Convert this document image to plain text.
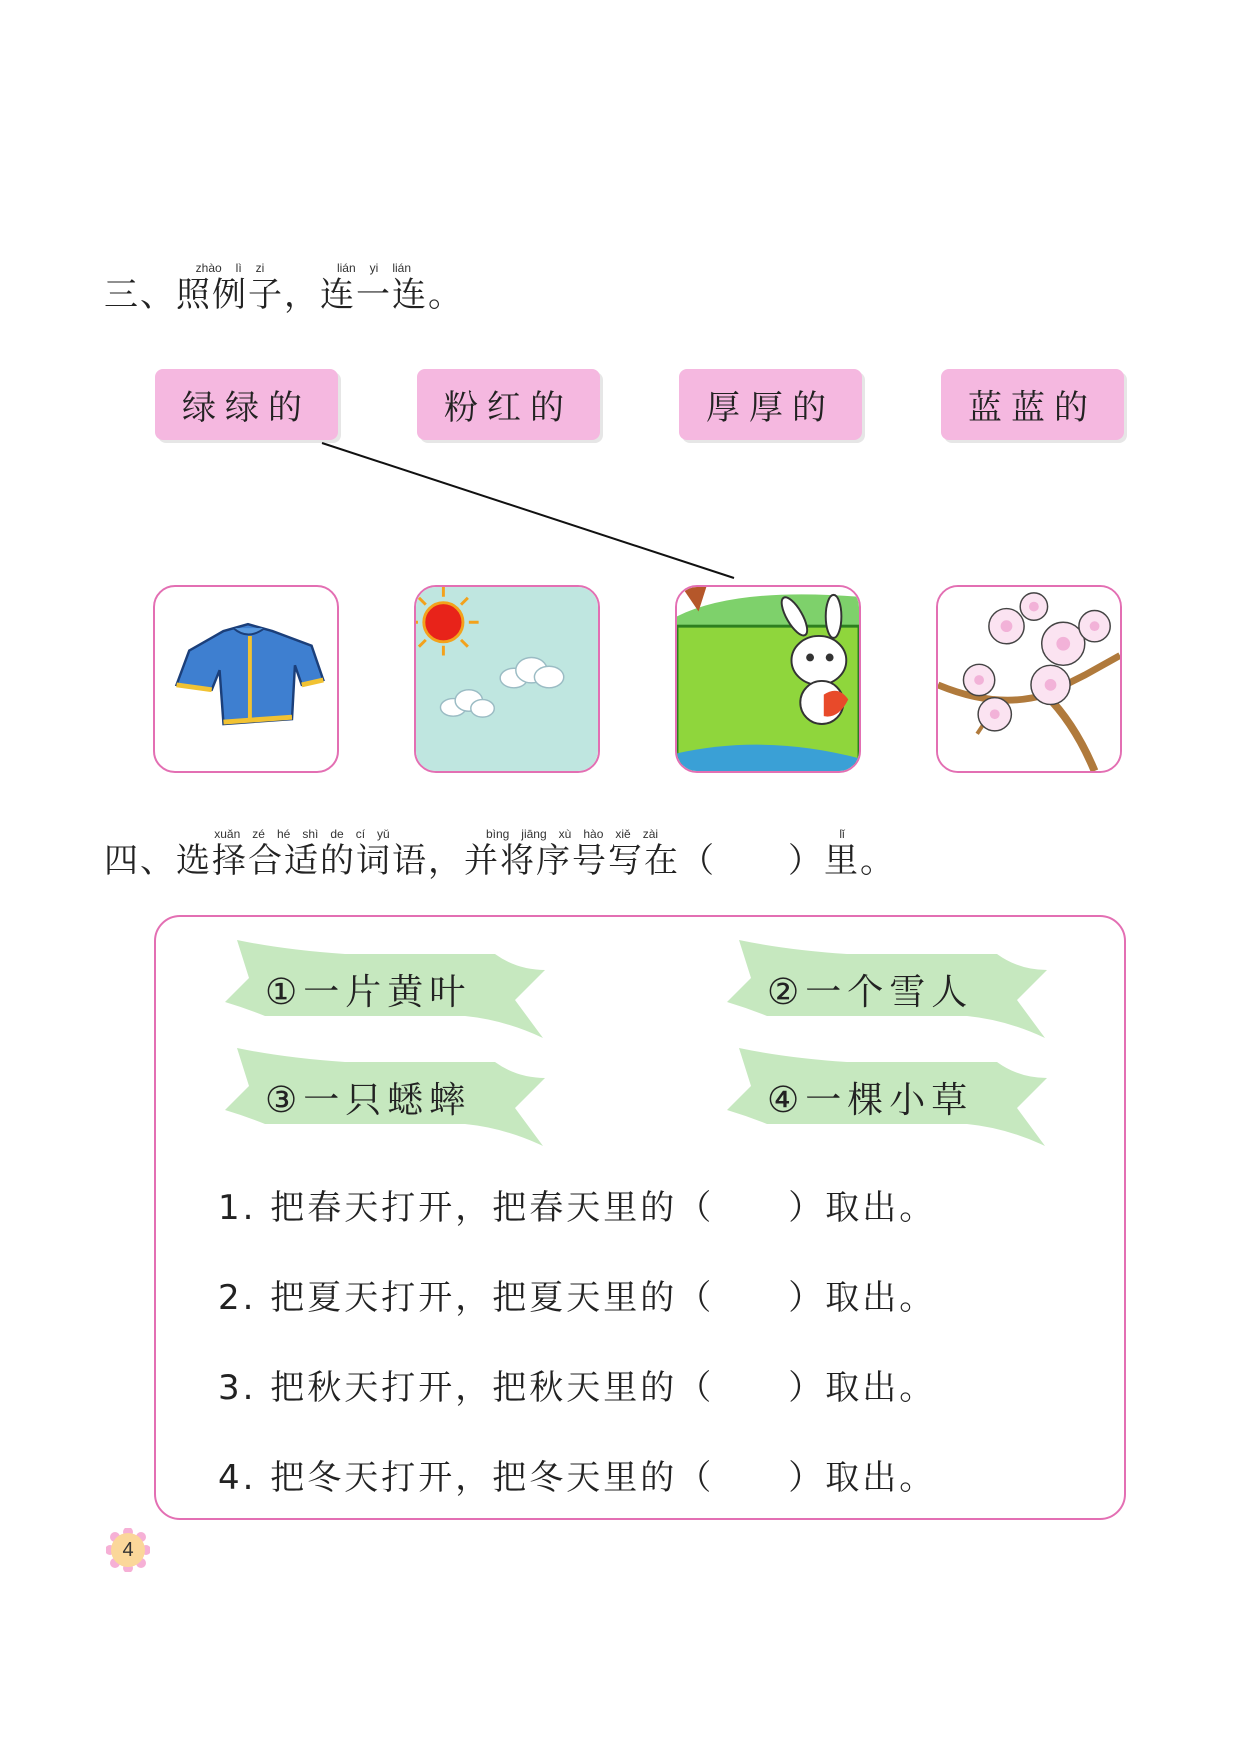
三、
zhào lì zi
照例子 ，
lián yi lián
连一连 。
绿绿的	粉红的	厚厚的	蓝蓝的
四、
xuǎn zé hé shì de cí yǔ
选择合适的词语 ，
bìng jiāng xù hào xiě zài
并将序号写在 （　　）
lǐ
里 。
①一片黄叶	②一个雪人
③一只蟋蟀	④一棵小草
1. 把春天打开，把春天里的（　　）取出。
2. 把夏天打开，把夏天里的（　　）取出。
3. 把秋天打开，把秋天里的（　　）取出。
4. 把冬天打开，把冬天里的（　　）取出。
4
